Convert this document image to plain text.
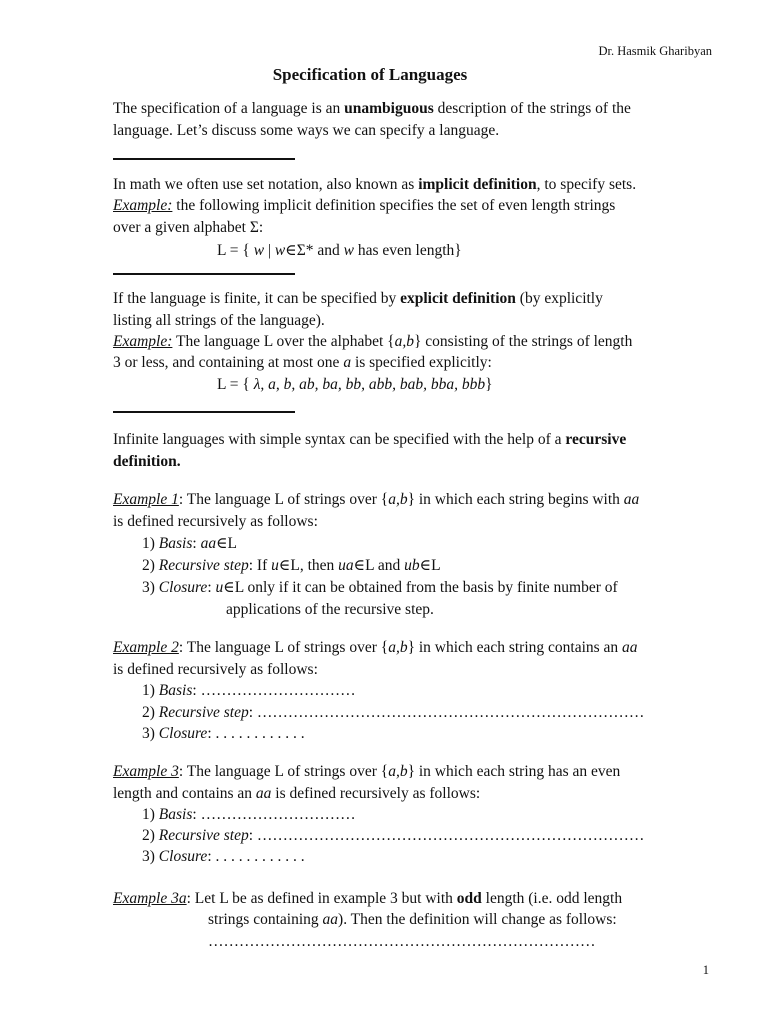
Dr. Hasmik Gharibyan
Specification of Languages
The specification of a language is an unambiguous description of the strings of the
language. Let’s discuss some ways we can specify a language.
In math we often use set notation, also known as implicit definition, to specify sets.
Example: the following implicit definition specifies the set of even length strings
over a given alphabet Σ:
L = { w | w∈Σ* and w has even length}
If the language is finite, it can be specified by explicit definition (by explicitly
listing all strings of the language).
Example: The language L over the alphabet {a,b} consisting of the strings of length
3 or less, and containing at most one a is specified explicitly:
L = { λ, a, b, ab, ba, bb, abb, bab, bba, bbb}
Infinite languages with simple syntax can be specified with the help of a recursive
definition.
Example 1: The language L of strings over {a,b} in which each string begins with aa
is defined recursively as follows:
1) Basis: aa∈L
2) Recursive step: If u∈L, then ua∈L and ub∈L
3) Closure: u∈L only if it can be obtained from the basis by finite number of
applications of the recursive step.
Example 2: The language L of strings over {a,b} in which each string contains an aa
is defined recursively as follows:
1) Basis: …………………………
2) Recursive step: …………………………………………………………………
3) Closure: . . . . . . . . . . . .
Example 3: The language L of strings over {a,b} in which each string has an even
length and contains an aa is defined recursively as follows:
1) Basis: …………………………
2) Recursive step: …………………………………………………………………
3) Closure: . . . . . . . . . . . .
Example 3a: Let L be as defined in example 3 but with odd length (i.e. odd length
strings containing aa). Then the definition will change as follows:
…………………………………………………………………
1
